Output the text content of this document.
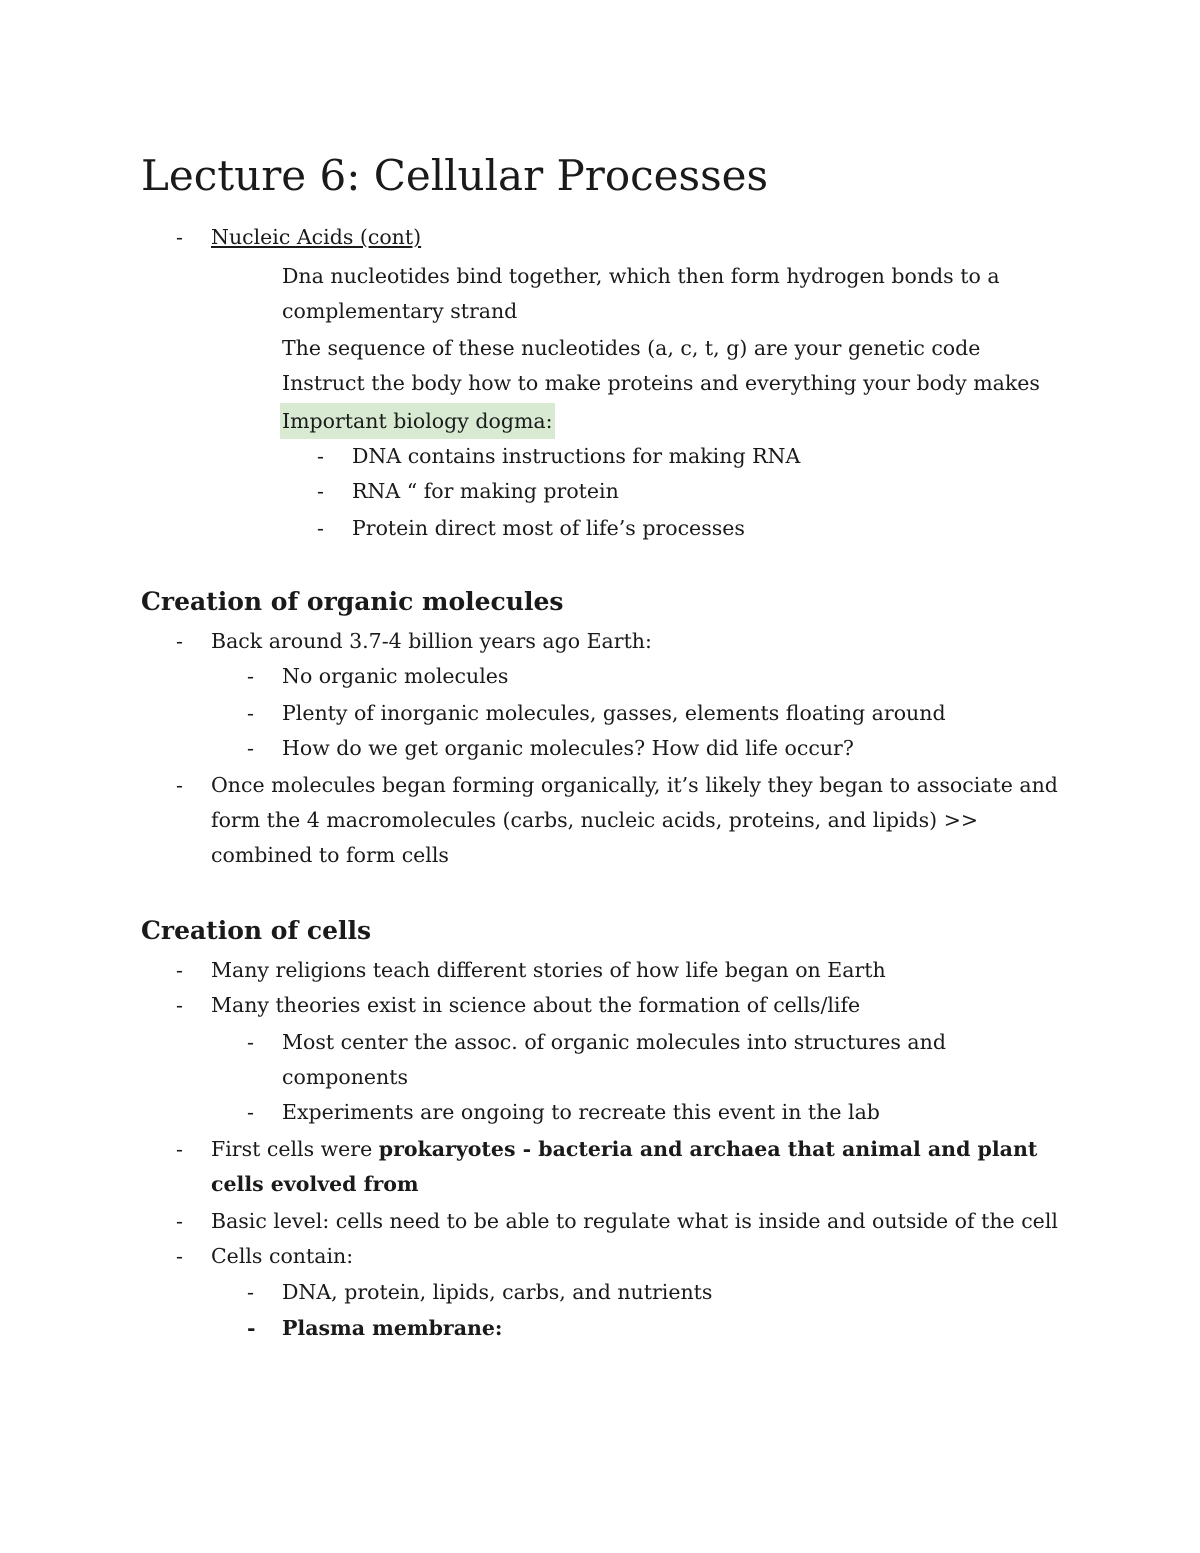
Lecture 6: Cellular Processes
- Nucleic Acids (cont)
Dna nucleotides bind together, which then form hydrogen bonds to a
complementary strand
The sequence of these nucleotides (a, c, t, g) are your genetic code
Instruct the body how to make proteins and everything your body makes
Important biology dogma:
- DNA contains instructions for making RNA
- RNA “ for making protein
- Protein direct most of life’s processes
Creation of organic molecules
- Back around 3.7-4 billion years ago Earth:
- No organic molecules
- Plenty of inorganic molecules, gasses, elements floating around
- How do we get organic molecules? How did life occur?
- Once molecules began forming organically, it’s likely they began to associate and
form the 4 macromolecules (carbs, nucleic acids, proteins, and lipids) >>
combined to form cells
Creation of cells
- Many religions teach different stories of how life began on Earth
- Many theories exist in science about the formation of cells/life
- Most center the assoc. of organic molecules into structures and
components
- Experiments are ongoing to recreate this event in the lab
- First cells were prokaryotes - bacteria and archaea that animal and plant
cells evolved from
- Basic level: cells need to be able to regulate what is inside and outside of the cell
- Cells contain:
- DNA, protein, lipids, carbs, and nutrients
- Plasma membrane:
